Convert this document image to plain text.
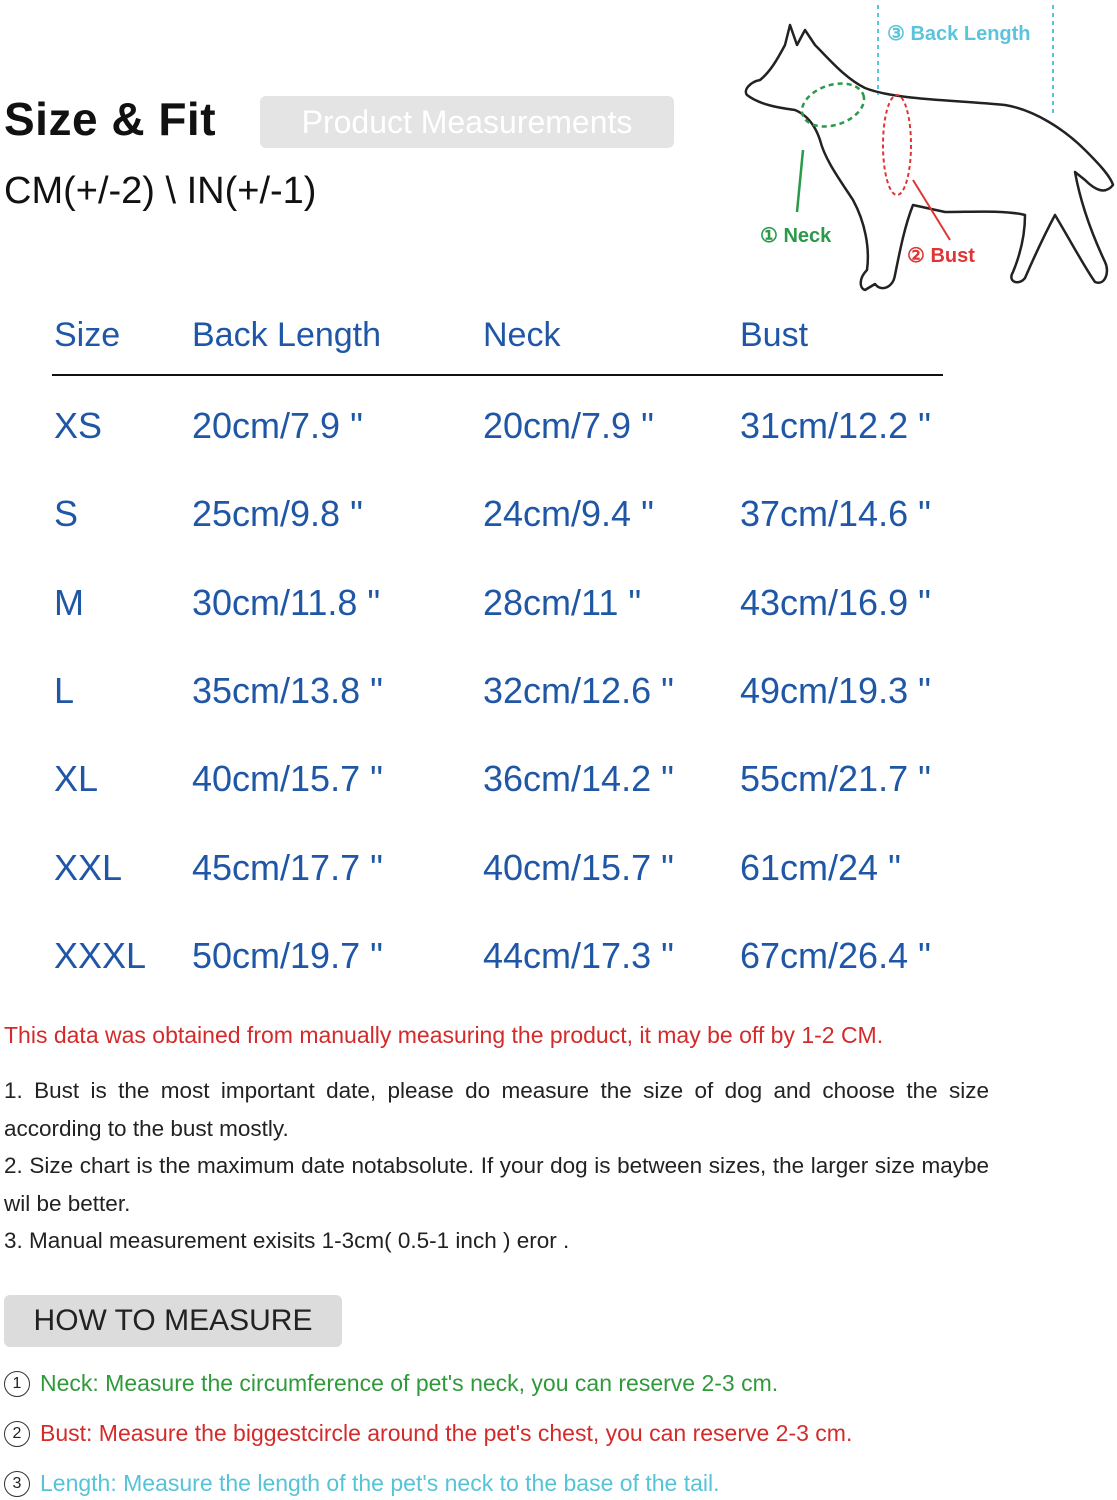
Size & Fit	Product Measurements
CM(+/-2) \ IN(+/-1)
③ Back Length
① Neck
② Bust
Size Back Length	Neck	Bust
XS 20cm/7.9 "	20cm/7.9 " 31cm/12.2 "
S	25cm/9.8 "	24cm/9.4 " 37cm/14.6 "
M	30cm/11.8 "	28cm/11 "	43cm/16.9 "
L	35cm/13.8 "	32cm/12.6 " 49cm/19.3 "
XL	40cm/15.7 "	36cm/14.2 " 55cm/21.7 "
XXL 45cm/17.7 "	40cm/15.7 " 61cm/24 "
XXXL 50cm/19.7 "	44cm/17.3 " 67cm/26.4 "
This data was obtained from manually measuring the product, it may be off by 1-2 CM.
1. Bust is the most important date, please do measure the size of dog and choose the size according to the bust mostly.
2. Size chart is the maximum date notabsolute. If your dog is between sizes, the larger size maybe wil be better.
3. Manual measurement exisits 1-3cm( 0.5-1 inch ) eror .
HOW TO MEASURE
1 Neck: Measure the circumference of pet's neck, you can reserve 2-3 cm.
2 Bust: Measure the biggestcircle around the pet's chest, you can reserve 2-3 cm.
3 Length: Measure the length of the pet's neck to the base of the tail.
